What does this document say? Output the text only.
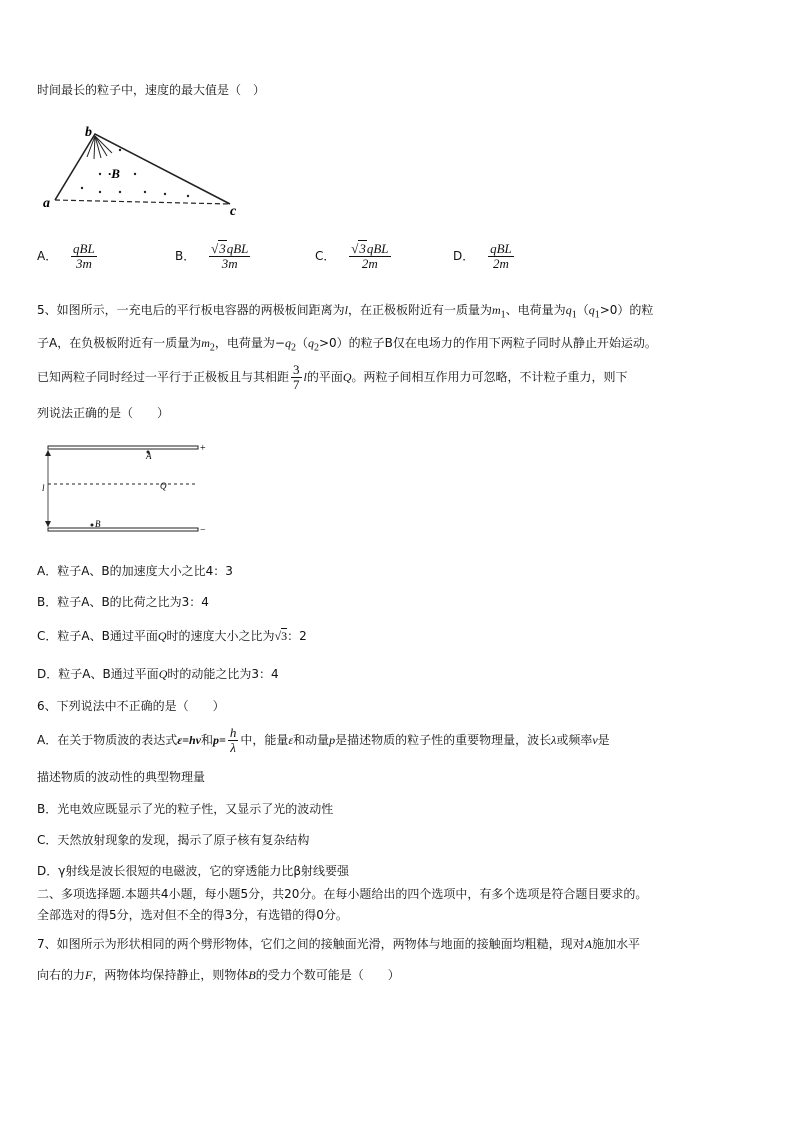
时间最长的粒子中，速度的最大值是（　）
b
·B
a
c
A． $\frac{\text{qBL}}{3m}$	B． $\frac{\text{√3qBL}}{3m}$	C． $\frac{\text{√3qBL}}{2m}$	D． $\frac{\text{qBL}}{2m}$
5、如图所示，一充电后的平行板电容器的两极板间距离为l，在正极板附近有一质量为$m_1$、电荷量为$q_1(q_1>0)$的粒
子A，在负极板附近有一质量为$m_2$，电荷量为$-q_2(q_2>0)$的粒子B仅在电场力的作用下两粒子同时从静止开始运动。
已知两粒子同时经过一平行于正极板且与其相距 $\frac{3}{7}$ l的平面Q。两粒子间相互作用力可忽略，不计粒子重力，则下
列说法正确的是（　　）
A
Q
B
l
+
−
A．粒子A、B的加速度大小之比4：3
B．粒子A、B的比荷之比为3：4
C．粒子A、B通过平面Q时的速度大小之比为√3：2
D．粒子A、B通过平面Q时的动能之比为3：4
6、下列说法中不正确的是（　　）
A．在关于物质波的表达式ε=hν和$p= \frac{h}{\lambda}$ 中，能量ε和动量p是描述物质的粒子性的重要物理量，波长λ或频率ν是
描述物质的波动性的典型物理量
B．光电效应既显示了光的粒子性，又显示了光的波动性
C．天然放射现象的发现，揭示了原子核有复杂结构
D．γ射线是波长很短的电磁波，它的穿透能力比β射线要强
二、多项选择题.本题共4小题，每小题5分，共20分。在每小题给出的四个选项中，有多个选项是符合题目要求的。
全部选对的得5分，选对但不全的得3分，有选错的得0分。
7、如图所示为形状相同的两个劈形物体，它们之间的接触面光滑，两物体与地面的接触面均粗糙，现对A施加水平
向右的力F，两物体均保持静止，则物体B的受力个数可能是（　　）
